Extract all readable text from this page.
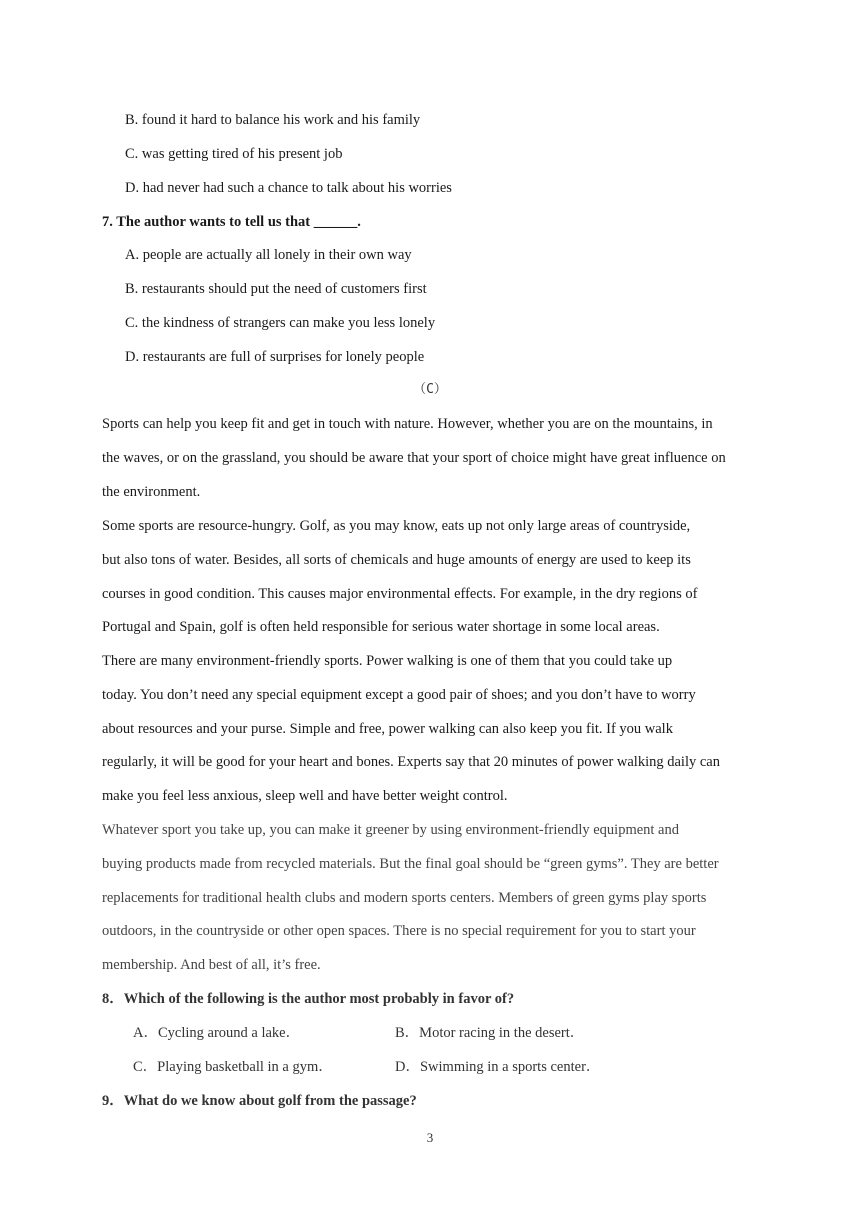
B. found it hard to balance his work and his family
C. was getting tired of his present job
D. had never had such a chance to talk about his worries
7. The author wants to tell us that ______.
A. people are actually all lonely in their own way
B. restaurants should put the need of customers first
C. the kindness of strangers can make you less lonely
D. restaurants are full of surprises for lonely people
（C）
Sports can help you keep fit and get in touch with nature. However, whether you are on the mountains, in
the waves, or on the grassland, you should be aware that your sport of choice might have great influence on
the environment.
Some sports are resource-hungry. Golf, as you may know, eats up not only large areas of countryside,
but also tons of water. Besides, all sorts of chemicals and huge amounts of energy are used to keep its
courses in good condition. This causes major environmental effects. For example, in the dry regions of
Portugal and Spain, golf is often held responsible for serious water shortage in some local areas.
There are many environment-friendly sports. Power walking is one of them that you could take up
today. You don’t need any special equipment except a good pair of shoes; and you don’t have to worry
about resources and your purse. Simple and free, power walking can also keep you fit. If you walk
regularly, it will be good for your heart and bones. Experts say that 20 minutes of power walking daily can
make you feel less anxious, sleep well and have better weight control.
Whatever sport you take up, you can make it greener by using environment-friendly equipment and
buying products made from recycled materials. But the final goal should be “green gyms”. They are better
replacements for traditional health clubs and modern sports centers. Members of green gyms play sports
outdoors, in the countryside or other open spaces. There is no special requirement for you to start your
membership. And best of all, it’s free.
8．Which of the following is the author most probably in favor of?
A．Cycling around a lake．	B．Motor racing in the desert．
C．Playing basketball in a gym．	D．Swimming in a sports center．
9．What do we know about golf from the passage?
3
